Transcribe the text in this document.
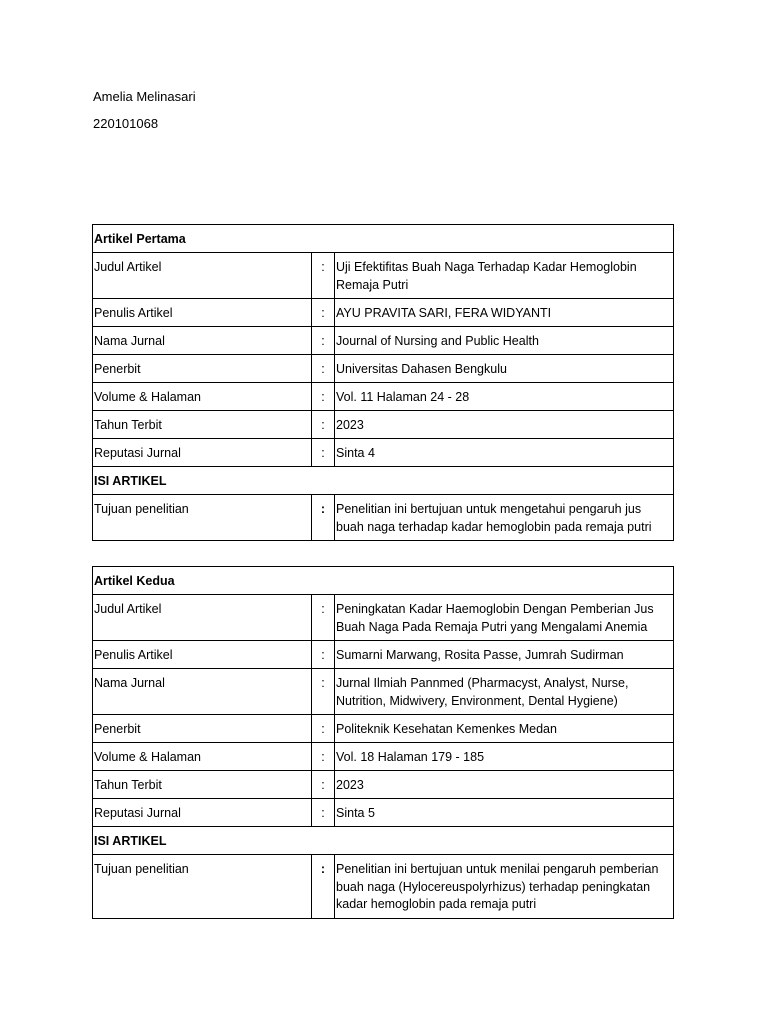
Amelia Melinasari
220101068
Artikel Pertama		
Judul Artikel	:	Uji Efektifitas Buah Naga Terhadap Kadar Hemoglobin Remaja Putri
Penulis Artikel	:	AYU PRAVITA SARI, FERA WIDYANTI
Nama Jurnal	:	Journal of Nursing and Public Health
Penerbit	:	Universitas Dahasen Bengkulu
Volume & Halaman	:	Vol. 11 Halaman 24 - 28
Tahun Terbit	:	2023
Reputasi Jurnal	:	Sinta 4
ISI ARTIKEL		
Tujuan penelitian	:	Penelitian ini bertujuan untuk mengetahui pengaruh jus buah naga terhadap kadar hemoglobin pada remaja putri
Artikel Kedua		
Judul Artikel	:	Peningkatan Kadar Haemoglobin Dengan Pemberian Jus Buah Naga Pada Remaja Putri yang Mengalami Anemia
Penulis Artikel	:	Sumarni Marwang, Rosita Passe, Jumrah Sudirman
Nama Jurnal	:	Jurnal Ilmiah Pannmed (Pharmacyst, Analyst, Nurse, Nutrition, Midwivery, Environment, Dental Hygiene)
Penerbit	:	Politeknik Kesehatan Kemenkes Medan
Volume & Halaman	:	Vol. 18 Halaman 179 - 185
Tahun Terbit	:	2023
Reputasi Jurnal	:	Sinta 5
ISI ARTIKEL		
Tujuan penelitian	:	Penelitian ini bertujuan untuk menilai pengaruh pemberian buah naga (Hylocereuspolyrhizus) terhadap peningkatan kadar hemoglobin pada remaja putri
